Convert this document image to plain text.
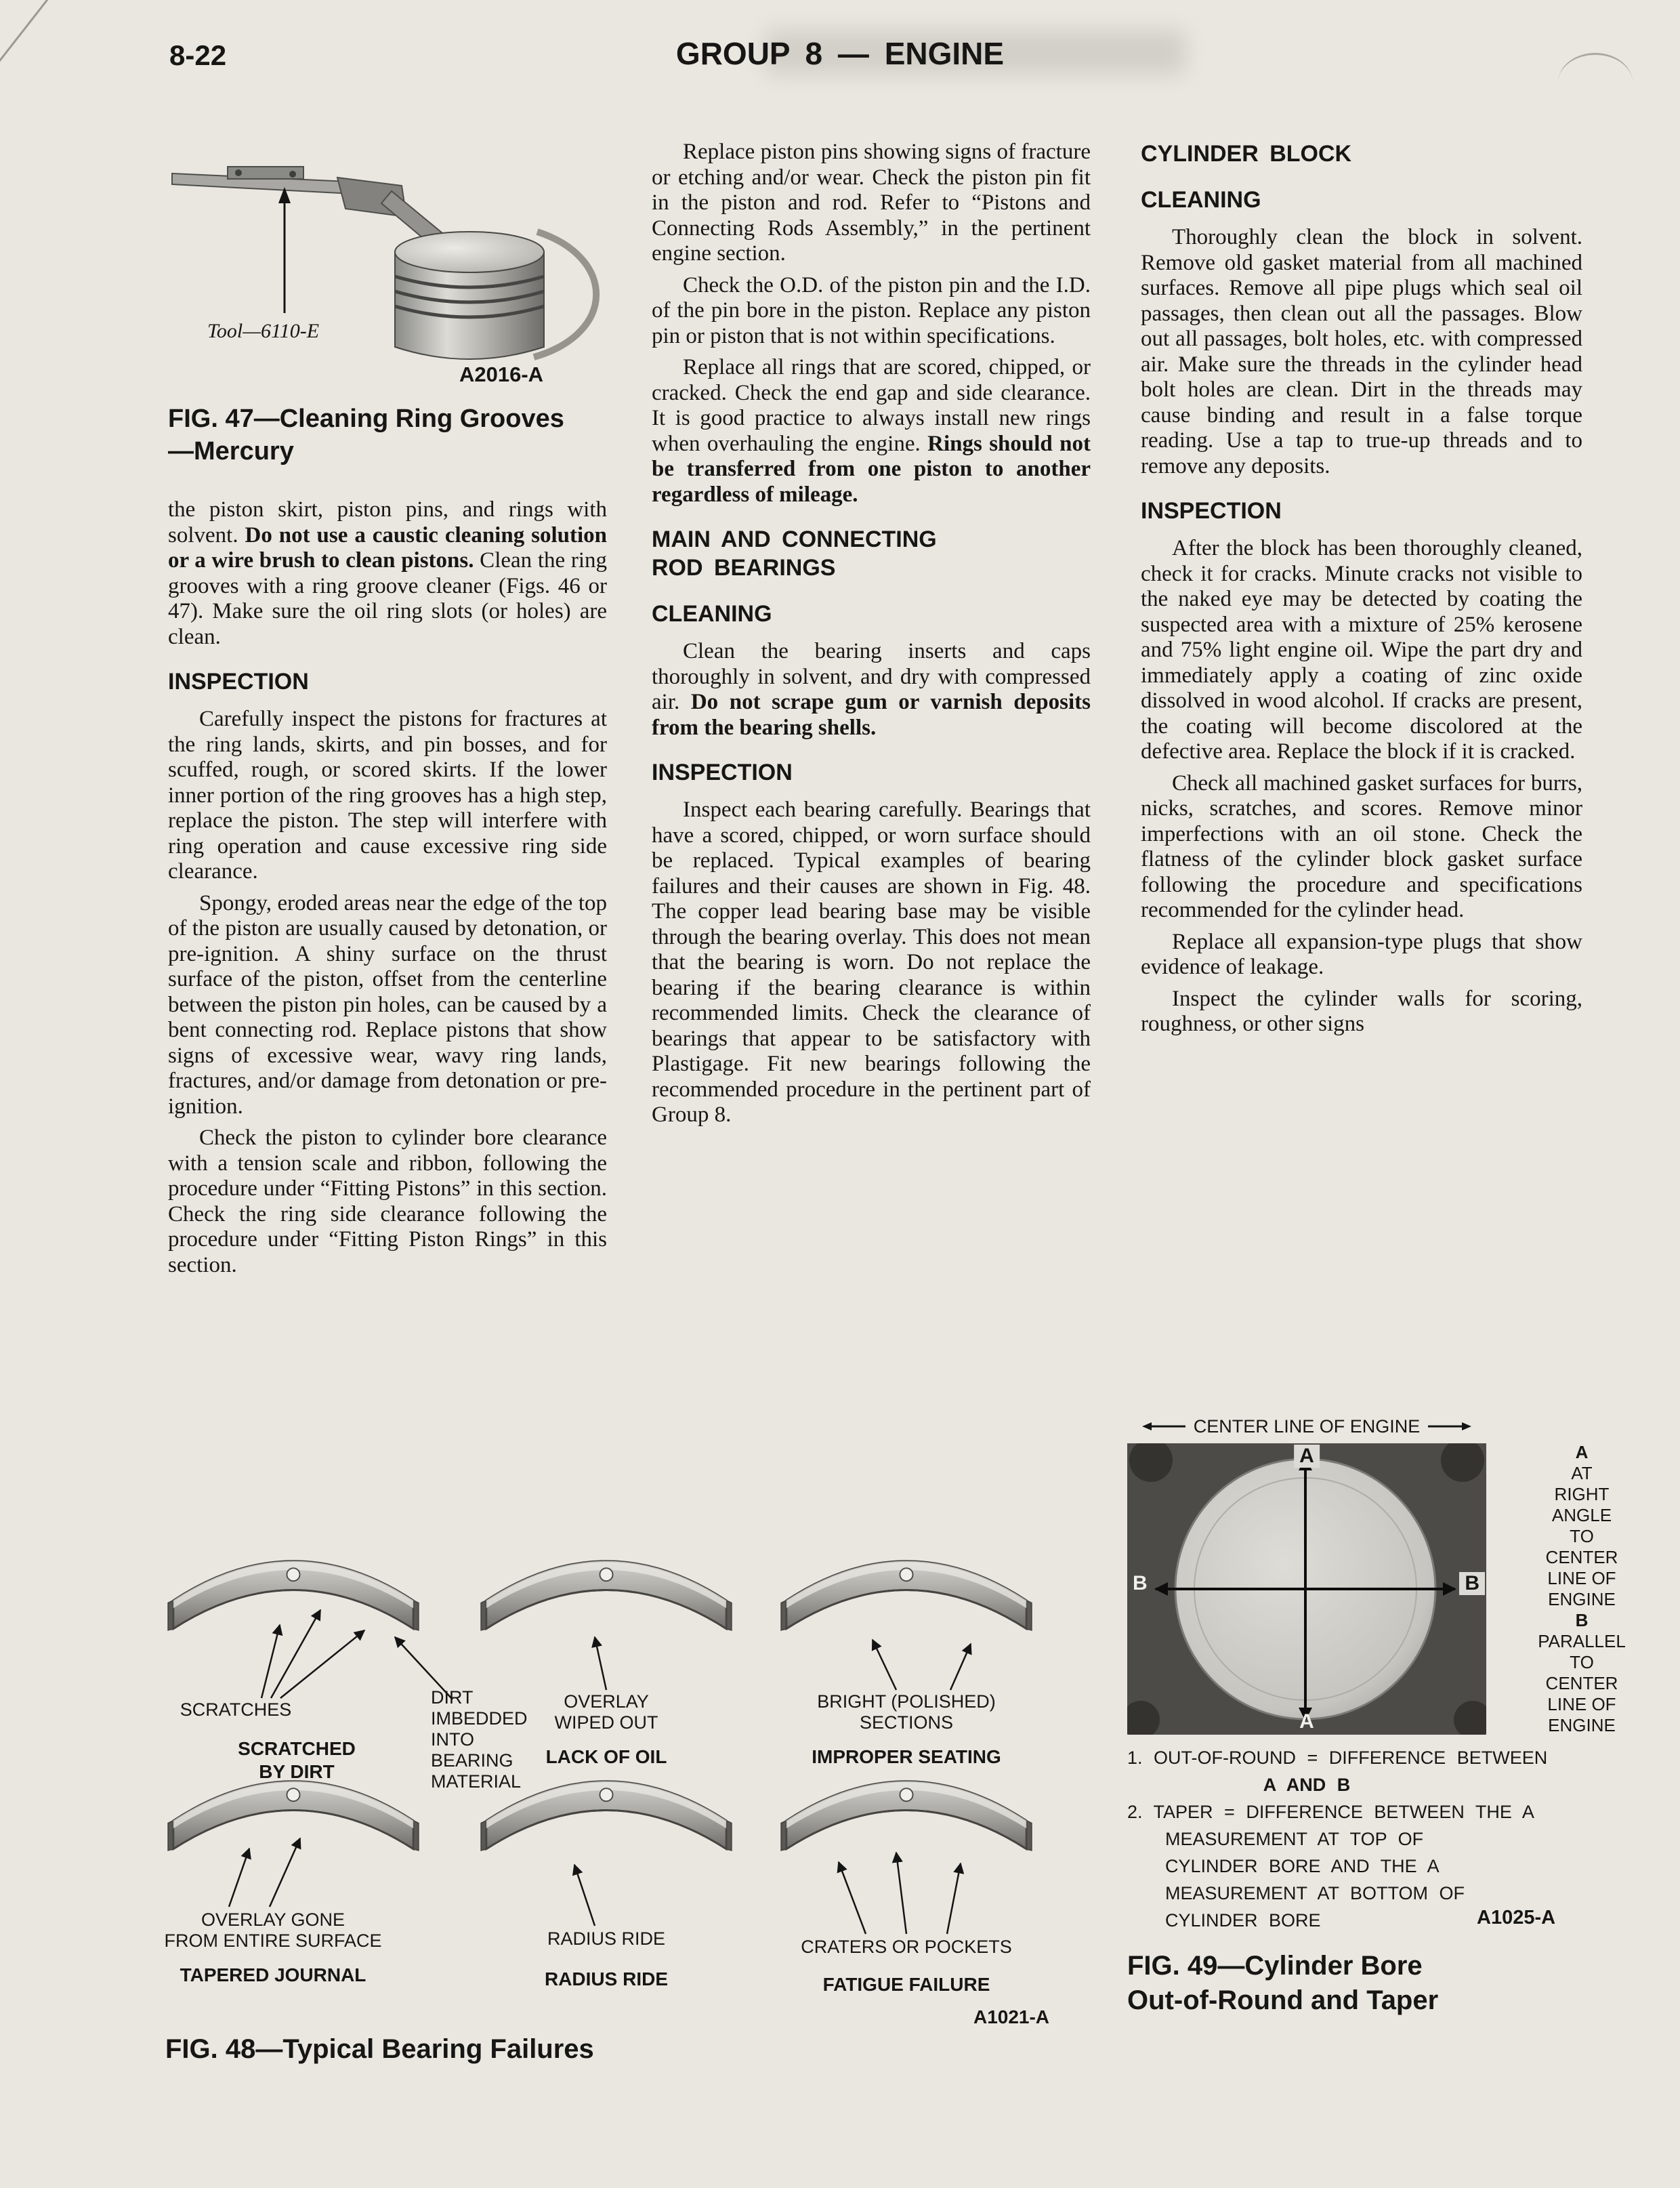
8-22	GROUP 8 — ENGINE
Tool—6110-E
A2016-A
FIG. 47—Cleaning Ring Grooves
—Mercury

the piston skirt, piston pins, and rings with solvent. Do not use a caustic cleaning solution or a wire brush to clean pistons. Clean the ring grooves with a ring groove cleaner (Figs. 46 or 47). Make sure the oil ring slots (or holes) are clean.

INSPECTION

Carefully inspect the pistons for fractures at the ring lands, skirts, and pin bosses, and for scuffed, rough, or scored skirts. If the lower inner portion of the ring grooves has a high step, replace the piston. The step will interfere with ring operation and cause excessive ring side clearance.

Spongy, eroded areas near the edge of the top of the piston are usually caused by detonation, or pre-ignition. A shiny surface on the thrust surface of the piston, offset from the centerline between the piston pin holes, can be caused by a bent connecting rod. Replace pistons that show signs of excessive wear, wavy ring lands, fractures, and/or damage from detonation or pre-ignition.

Check the piston to cylinder bore clearance with a tension scale and ribbon, following the procedure under “Fitting Pistons” in this section. Check the ring side clearance following the procedure under “Fitting Piston Rings” in this section.

Replace piston pins showing signs of fracture or etching and/or wear. Check the piston pin fit in the piston and rod. Refer to “Pistons and Connecting Rods Assembly,” in the pertinent engine section.

Check the O.D. of the piston pin and the I.D. of the pin bore in the piston. Replace any piston pin or piston that is not within specifications.

Replace all rings that are scored, chipped, or cracked. Check the end gap and side clearance. It is good practice to always install new rings when overhauling the engine. Rings should not be transferred from one piston to another regardless of mileage.

MAIN AND CONNECTING
ROD BEARINGS
CLEANING

Clean the bearing inserts and caps thoroughly in solvent, and dry with compressed air. Do not scrape gum or varnish deposits from the bearing shells.

INSPECTION

Inspect each bearing carefully. Bearings that have a scored, chipped, or worn surface should be replaced. Typical examples of bearing failures and their causes are shown in Fig. 48. The copper lead bearing base may be visible through the bearing overlay. This does not mean that the bearing is worn. Do not replace the bearing if the bearing clearance is within recommended limits. Check the clearance of bearings that appear to be satisfactory with Plastigage. Fit new bearings following the recommended procedure in the pertinent part of Group 8.

CYLINDER BLOCK
CLEANING

Thoroughly clean the block in solvent. Remove old gasket material from all machined surfaces. Remove all pipe plugs which seal oil passages, then clean out all the passages. Blow out all passages, bolt holes, etc. with compressed air. Make sure the threads in the cylinder head bolt holes are clean. Dirt in the threads may cause binding and result in a false torque reading. Use a tap to true-up threads and to remove any deposits.

INSPECTION

After the block has been thoroughly cleaned, check it for cracks. Minute cracks not visible to the naked eye may be detected by coating the suspected area with a mixture of 25% kerosene and 75% light engine oil. Wipe the part dry and immediately apply a coating of zinc oxide dissolved in wood alcohol. If cracks are present, the coating will become discolored at the defective area. Replace the block if it is cracked.

Check all machined gasket surfaces for burrs, nicks, scratches, and scores. Remove minor imperfections with an oil stone. Check the flatness of the cylinder block gasket surface following the procedure and specifications recommended for the cylinder head.

Replace all expansion-type plugs that show evidence of leakage.

Inspect the cylinder walls for scoring, roughness, or other signs

SCRATCHES
DIRT
IMBEDDED
INTO
BEARING
MATERIAL
SCRATCHED
BY DIRT
OVERLAY
WIPED OUT
LACK OF OIL
BRIGHT (POLISHED)
SECTIONS
IMPROPER SEATING
OVERLAY GONE
FROM ENTIRE SURFACE
TAPERED JOURNAL
RADIUS RIDE
RADIUS RIDE
CRATERS OR POCKETS
FATIGUE FAILURE
A1021-A
FIG. 48—Typical Bearing Failures
CENTER LINE OF ENGINE
A
B	B
A
A
AT
RIGHT
ANGLE
TO
CENTER
LINE OF
ENGINE
B
PARALLEL
TO
CENTER
LINE OF
ENGINE
1. OUT-OF-ROUND = DIFFERENCE BETWEEN
A AND B
2. TAPER = DIFFERENCE BETWEEN THE A
MEASUREMENT AT TOP OF
CYLINDER BORE AND THE A
MEASUREMENT AT BOTTOM OF
CYLINDER BORE	A1025-A
FIG. 49—Cylinder Bore
Out-of-Round and Taper
